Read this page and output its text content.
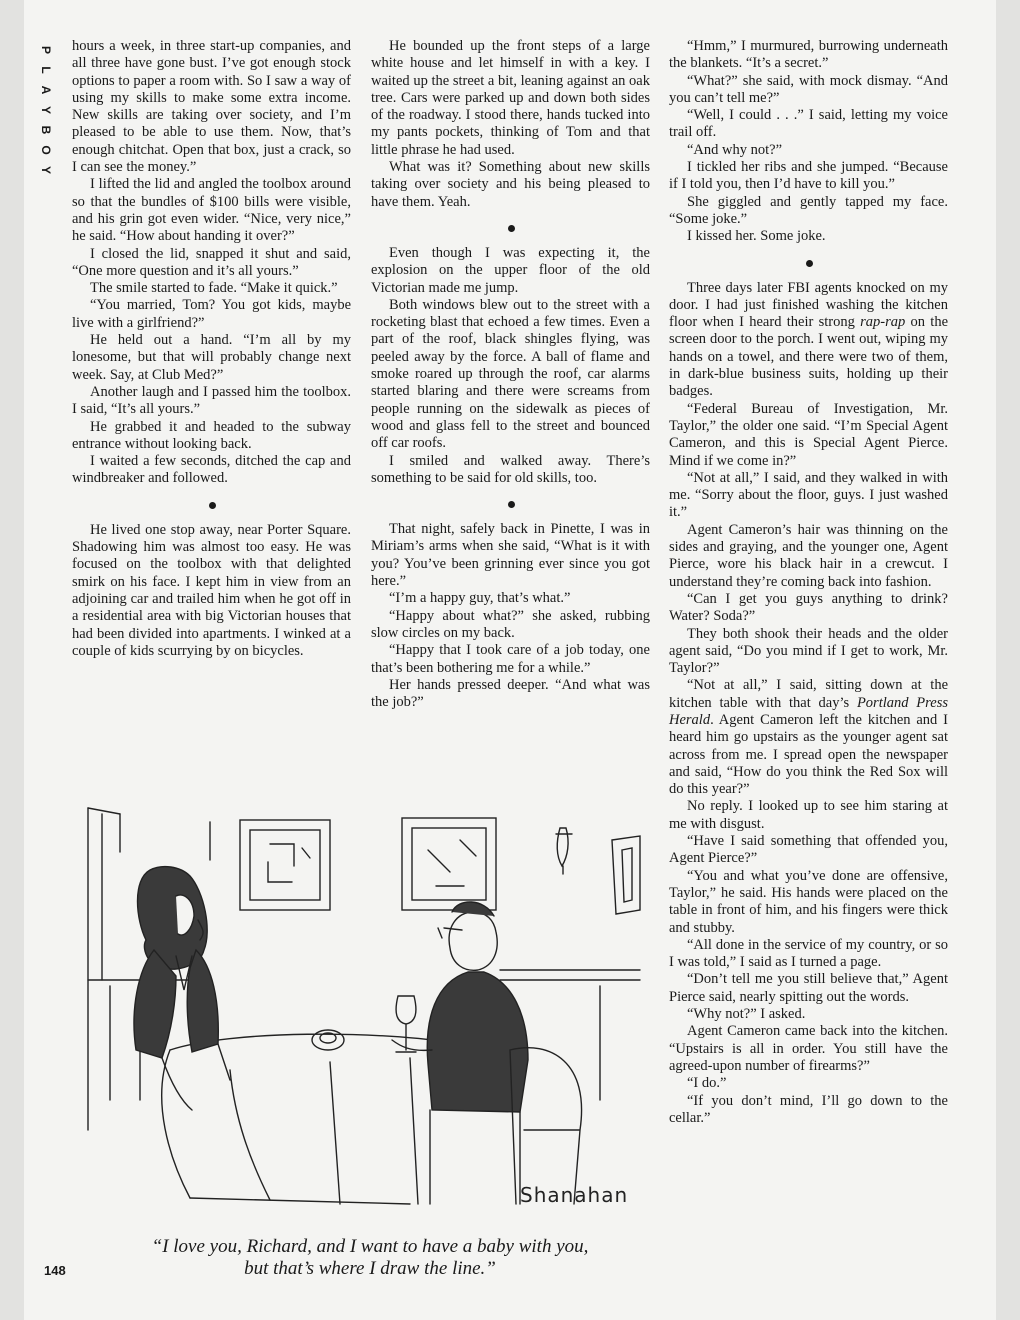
P
L
A
Y
B
O
Y

hours a week, in three start-up companies, and all three have gone bust. I’ve got enough stock options to paper a room with. So I saw a way of using my skills to make some extra income. New skills are taking over society, and I’m pleased to be able to use them. Now, that’s enough chitchat. Open that box, just a crack, so I can see the money.”

I lifted the lid and angled the toolbox around so that the bundles of $100 bills were visible, and his grin got even wider. “Nice, very nice,” he said. “How about handing it over?”

I closed the lid, snapped it shut and said, “One more question and it’s all yours.”

The smile started to fade. “Make it quick.”

“You married, Tom? You got kids, maybe live with a girlfriend?”

He held out a hand. “I’m all by my lonesome, but that will probably change next week. Say, at Club Med?”

Another laugh and I passed him the toolbox. I said, “It’s all yours.”

He grabbed it and headed to the subway entrance without looking back.

I waited a few seconds, ditched the cap and windbreaker and followed.

He lived one stop away, near Porter Square. Shadowing him was almost too easy. He was focused on the toolbox with that delighted smirk on his face. I kept him in view from an adjoining car and trailed him when he got off in a residential area with big Victorian houses that had been divided into apartments. I winked at a couple of kids scurrying by on bicycles.

He bounded up the front steps of a large white house and let himself in with a key. I waited up the street a bit, leaning against an oak tree. Cars were parked up and down both sides of the roadway. I stood there, hands tucked into my pants pockets, thinking of Tom and that little phrase he had used.

What was it? Something about new skills taking over society and his being pleased to have them. Yeah.

Even though I was expecting it, the explosion on the upper floor of the old Victorian made me jump.

Both windows blew out to the street with a rocketing blast that echoed a few times. Even a part of the roof, black shingles flying, was peeled away by the force. A ball of flame and smoke roared up through the roof, car alarms started blaring and there were screams from people running on the sidewalk as pieces of wood and glass fell to the street and bounced off car roofs.

I smiled and walked away. There’s something to be said for old skills, too.

That night, safely back in Pinette, I was in Miriam’s arms when she said, “What is it with you? You’ve been grinning ever since you got here.”

“I’m a happy guy, that’s what.”

“Happy about what?” she asked, rubbing slow circles on my back.

“Happy that I took care of a job today, one that’s been bothering me for a while.”

Her hands pressed deeper. “And what was the job?”

“Hmm,” I murmured, burrowing underneath the blankets. “It’s a secret.”

“What?” she said, with mock dismay. “And you can’t tell me?”

“Well, I could . . .” I said, letting my voice trail off.

“And why not?”

I tickled her ribs and she jumped. “Because if I told you, then I’d have to kill you.”

She giggled and gently tapped my face. “Some joke.”

I kissed her. Some joke.

Three days later FBI agents knocked on my door. I had just finished washing the kitchen floor when I heard their strong rap-rap on the screen door to the porch. I went out, wiping my hands on a towel, and there were two of them, in dark-blue business suits, holding up their badges.

“Federal Bureau of Investigation, Mr. Taylor,” the older one said. “I’m Special Agent Cameron, and this is Special Agent Pierce. Mind if we come in?”

“Not at all,” I said, and they walked in with me. “Sorry about the floor, guys. I just washed it.”

Agent Cameron’s hair was thinning on the sides and graying, and the younger one, Agent Pierce, wore his black hair in a crewcut. I understand they’re coming back into fashion.

“Can I get you guys anything to drink? Water? Soda?”

They both shook their heads and the older agent said, “Do you mind if I get to work, Mr. Taylor?”

“Not at all,” I said, sitting down at the kitchen table with that day’s Portland Press Herald. Agent Cameron left the kitchen and I heard him go upstairs as the younger agent sat across from me. I spread open the newspaper and said, “How do you think the Red Sox will do this year?”

No reply. I looked up to see him staring at me with disgust.

“Have I said something that offended you, Agent Pierce?”

“You and what you’ve done are offensive, Taylor,” he said. His hands were placed on the table in front of him, and his fingers were thick and stubby.

“All done in the service of my country, or so I was told,” I said as I turned a page.

“Don’t tell me you still believe that,” Agent Pierce said, nearly spitting out the words.

“Why not?” I asked.

Agent Cameron came back into the kitchen. “Upstairs is all in order. You still have the agreed-upon number of firearms?”

“I do.”

“If you don’t mind, I’ll go down to the cellar.”

Shanahan
“I love you, Richard, and I want to have a baby with you,
but that’s where I draw the line.”
148
